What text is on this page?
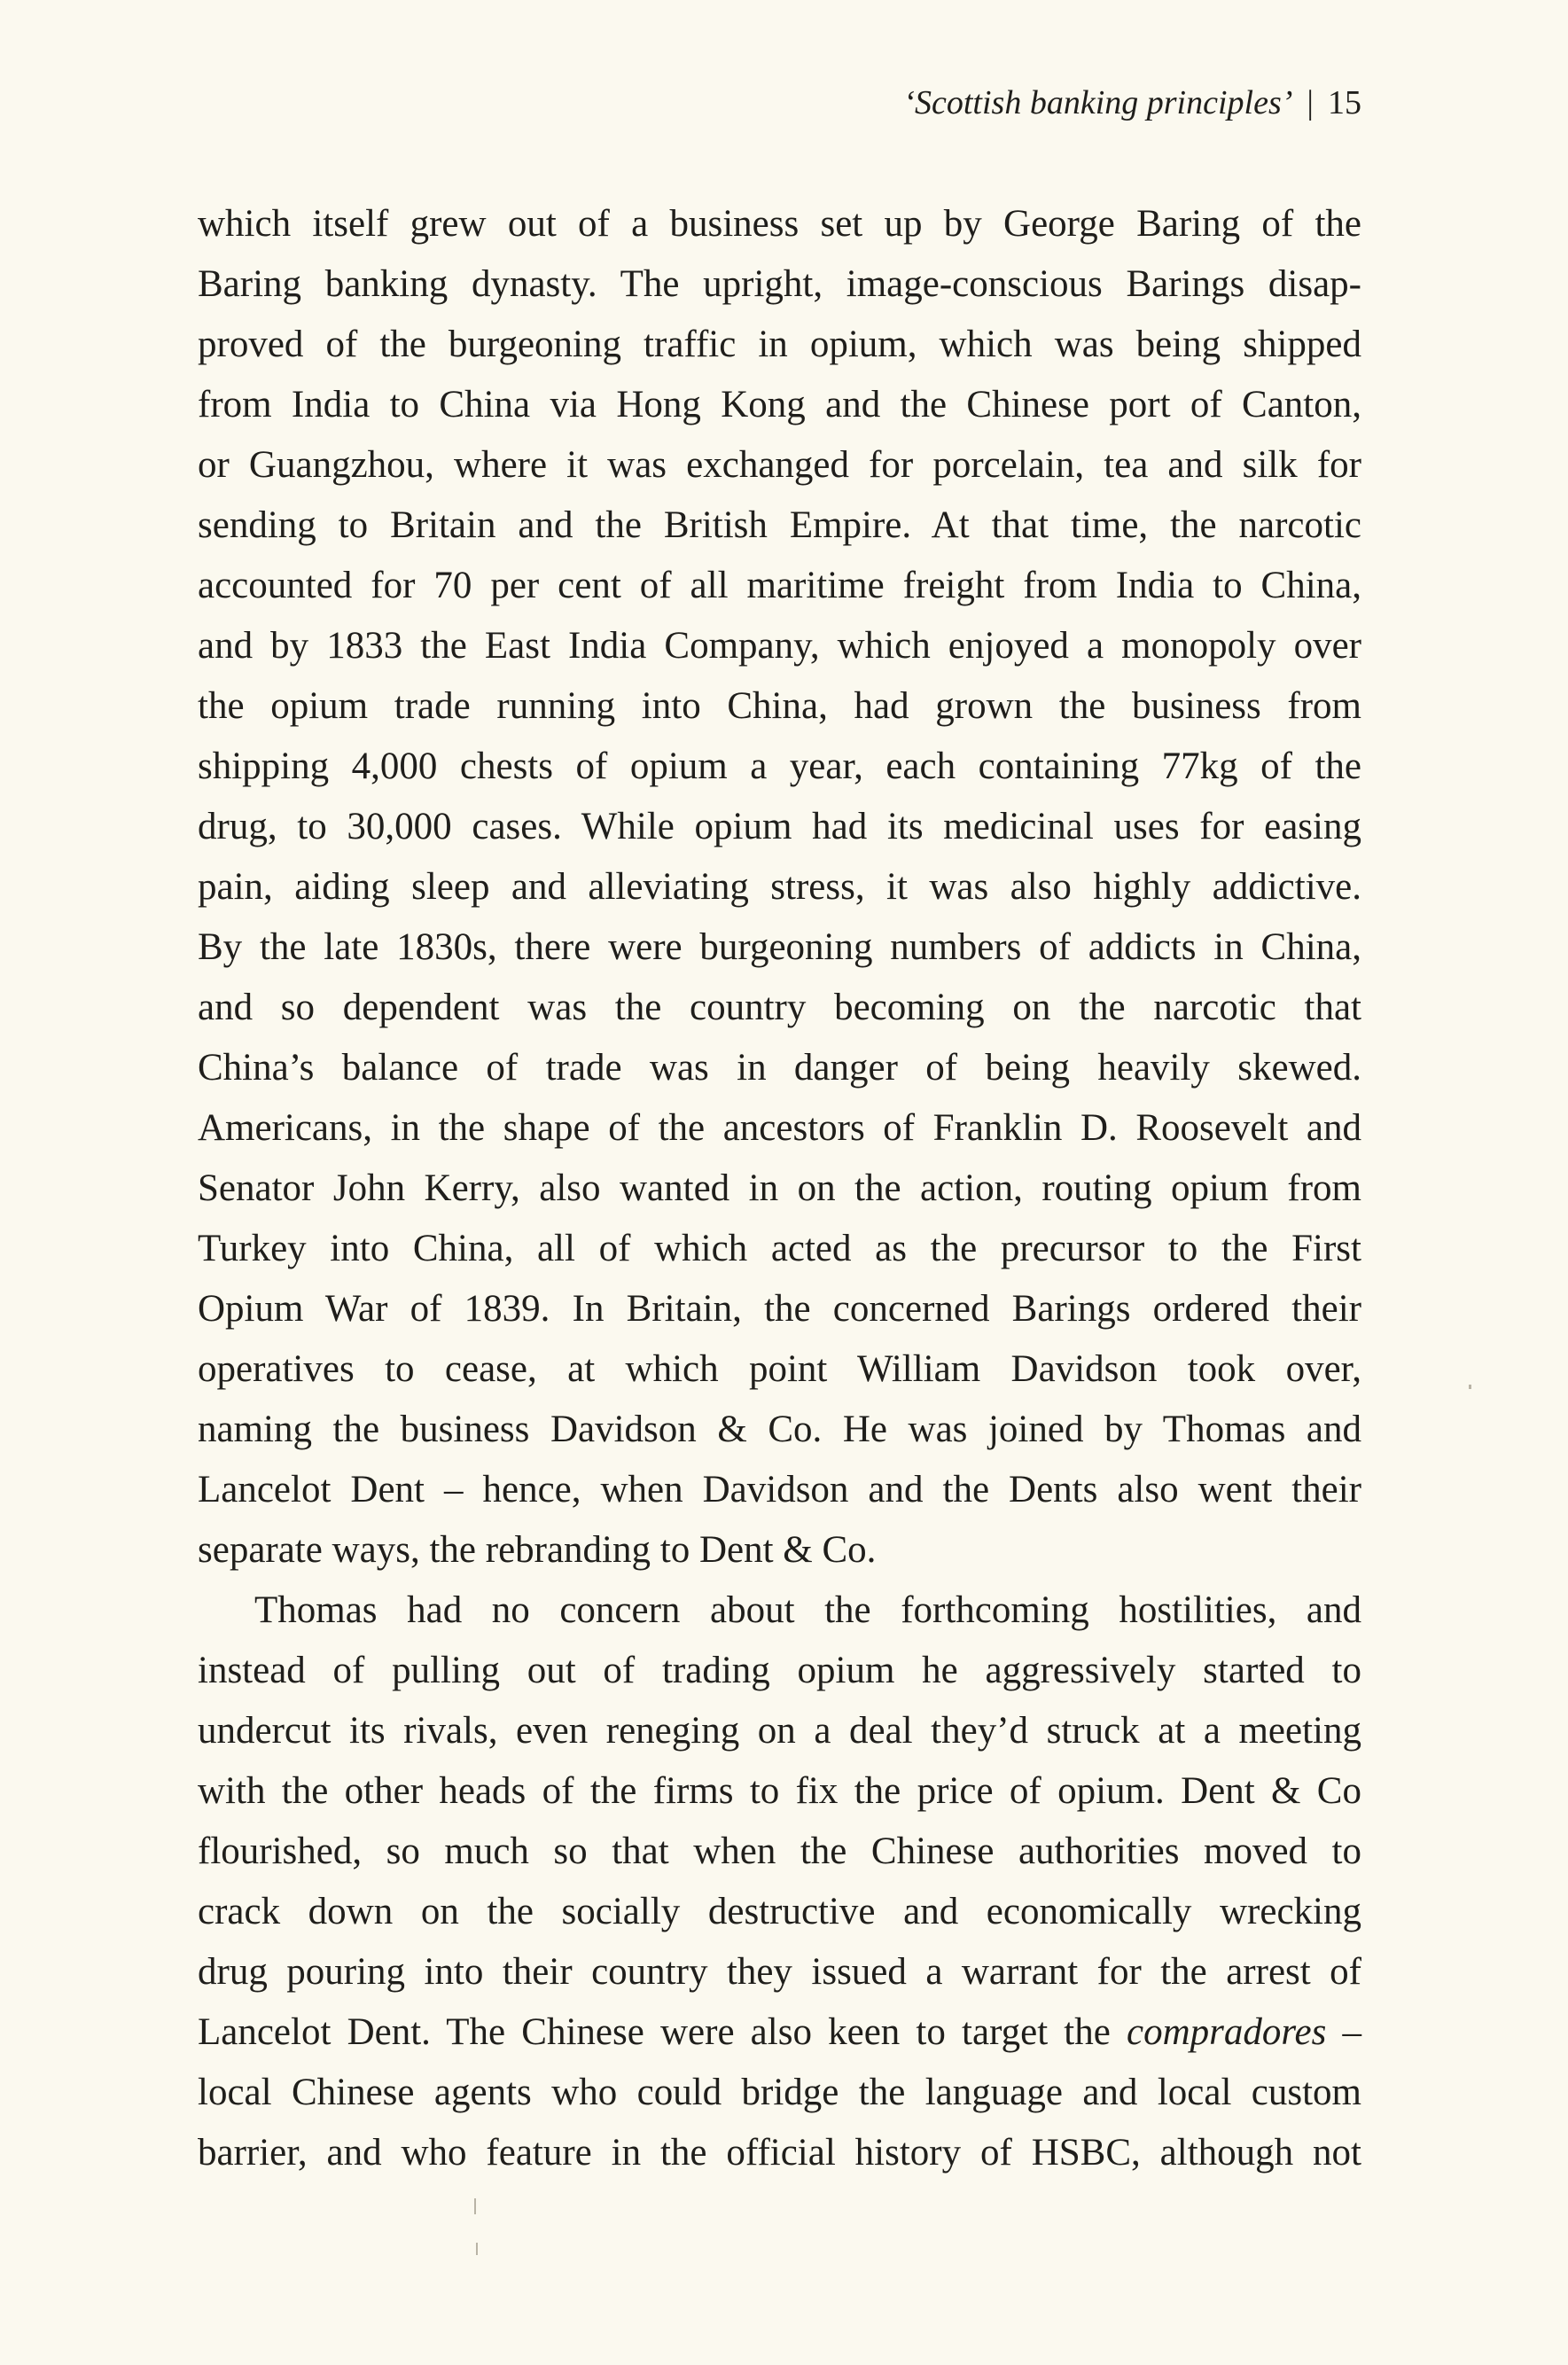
‘Scottish banking principles’ | 15
which itself grew out of a business set up by George Baring of the
Baring banking dynasty. The upright, image-conscious Barings disap-
proved of the burgeoning traffic in opium, which was being shipped
from India to China via Hong Kong and the Chinese port of Canton,
or Guangzhou, where it was exchanged for porcelain, tea and silk for
sending to Britain and the British Empire. At that time, the narcotic
accounted for 70 per cent of all maritime freight from India to China,
and by 1833 the East India Company, which enjoyed a monopoly over
the opium trade running into China, had grown the business from
shipping 4,000 chests of opium a year, each containing 77kg of the
drug, to 30,000 cases. While opium had its medicinal uses for easing
pain, aiding sleep and alleviating stress, it was also highly addictive.
By the late 1830s, there were burgeoning numbers of addicts in China,
and so dependent was the country becoming on the narcotic that
China’s balance of trade was in danger of being heavily skewed.
Americans, in the shape of the ancestors of Franklin D. Roosevelt and
Senator John Kerry, also wanted in on the action, routing opium from
Turkey into China, all of which acted as the precursor to the First
Opium War of 1839. In Britain, the concerned Barings ordered their
operatives to cease, at which point William Davidson took over,
naming the business Davidson & Co. He was joined by Thomas and
Lancelot Dent – hence, when Davidson and the Dents also went their
separate ways, the rebranding to Dent & Co.
Thomas had no concern about the forthcoming hostilities, and
instead of pulling out of trading opium he aggressively started to
undercut its rivals, even reneging on a deal they’d struck at a meeting
with the other heads of the firms to fix the price of opium. Dent & Co
flourished, so much so that when the Chinese authorities moved to
crack down on the socially destructive and economically wrecking
drug pouring into their country they issued a warrant for the arrest of
Lancelot Dent. The Chinese were also keen to target the compradores –
local Chinese agents who could bridge the language and local custom
barrier, and who feature in the official history of HSBC, although not
